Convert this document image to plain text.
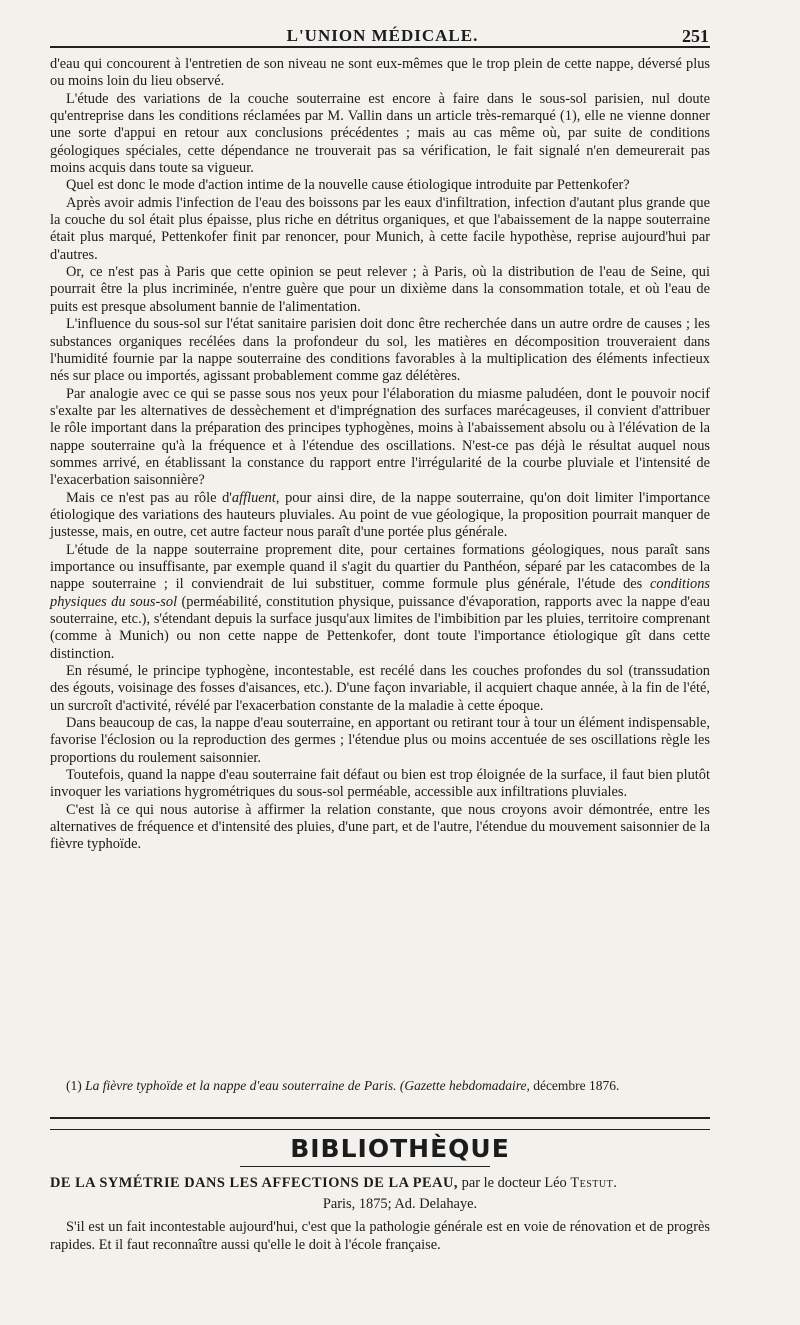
L'UNION MÉDICALE.	251

d'eau qui concourent à l'entretien de son niveau ne sont eux-mêmes que le trop plein de cette nappe, déversé plus ou moins loin du lieu observé.

L'étude des variations de la couche souterraine est encore à faire dans le sous-sol parisien, nul doute qu'entreprise dans les conditions réclamées par M. Vallin dans un article très-remarqué (1), elle ne vienne donner une sorte d'appui en retour aux conclusions précédentes ; mais au cas même où, par suite de conditions géologiques spéciales, cette dépendance ne trouverait pas sa vérification, le fait signalé n'en demeurerait pas moins acquis dans toute sa vigueur.

Quel est donc le mode d'action intime de la nouvelle cause étiologique introduite par Pettenkofer?

Après avoir admis l'infection de l'eau des boissons par les eaux d'infiltration, infection d'autant plus grande que la couche du sol était plus épaisse, plus riche en détritus organiques, et que l'abaissement de la nappe souterraine était plus marqué, Pettenkofer finit par renoncer, pour Munich, à cette facile hypothèse, reprise aujourd'hui par d'autres.

Or, ce n'est pas à Paris que cette opinion se peut relever ; à Paris, où la distribution de l'eau de Seine, qui pourrait être la plus incriminée, n'entre guère que pour un dixième dans la consommation totale, et où l'eau de puits est presque absolument bannie de l'alimentation.

L'influence du sous-sol sur l'état sanitaire parisien doit donc être recherchée dans un autre ordre de causes ; les substances organiques recélées dans la profondeur du sol, les matières en décomposition trouveraient dans l'humidité fournie par la nappe souterraine des conditions favorables à la multiplication des éléments infectieux nés sur place ou importés, agissant probablement comme gaz délétères.

Par analogie avec ce qui se passe sous nos yeux pour l'élaboration du miasme paludéen, dont le pouvoir nocif s'exalte par les alternatives de dessèchement et d'imprégnation des surfaces marécageuses, il convient d'attribuer le rôle important dans la préparation des principes typhogènes, moins à l'abaissement absolu ou à l'élévation de la nappe souterraine qu'à la fréquence et à l'étendue des oscillations. N'est-ce pas déjà le résultat auquel nous sommes arrivé, en établissant la constance du rapport entre l'irrégularité de la courbe pluviale et l'intensité de l'exacerbation saisonnière?

Mais ce n'est pas au rôle d'affluent, pour ainsi dire, de la nappe souterraine, qu'on doit limiter l'importance étiologique des variations des hauteurs pluviales. Au point de vue géologique, la proposition pourrait manquer de justesse, mais, en outre, cet autre facteur nous paraît d'une portée plus générale.

L'étude de la nappe souterraine proprement dite, pour certaines formations géologiques, nous paraît sans importance ou insuffisante, par exemple quand il s'agit du quartier du Panthéon, séparé par les catacombes de la nappe souterraine ; il conviendrait de lui substituer, comme formule plus générale, l'étude des conditions physiques du sous-sol (perméabilité, constitution physique, puissance d'évaporation, rapports avec la nappe d'eau souterraine, etc.), s'étendant depuis la surface jusqu'aux limites de l'imbibition par les pluies, territoire comprenant (comme à Munich) ou non cette nappe de Pettenkofer, dont toute l'importance étiologique gît dans cette distinction.

En résumé, le principe typhogène, incontestable, est recélé dans les couches profondes du sol (transsudation des égouts, voisinage des fosses d'aisances, etc.). D'une façon invariable, il acquiert chaque année, à la fin de l'été, un surcroît d'activité, révélé par l'exacerbation constante de la maladie à cette époque.

Dans beaucoup de cas, la nappe d'eau souterraine, en apportant ou retirant tour à tour un élément indispensable, favorise l'éclosion ou la reproduction des germes ; l'étendue plus ou moins accentuée de ses oscillations règle les proportions du roulement saisonnier.

Toutefois, quand la nappe d'eau souterraine fait défaut ou bien est trop éloignée de la surface, il faut bien plutôt invoquer les variations hygrométriques du sous-sol perméable, accessible aux infiltrations pluviales.

C'est là ce qui nous autorise à affirmer la relation constante, que nous croyons avoir démontrée, entre les alternatives de fréquence et d'intensité des pluies, d'une part, et de l'autre, l'étendue du mouvement saisonnier de la fièvre typhoïde.

(1) La fièvre typhoïde et la nappe d'eau souterraine de Paris. (Gazette hebdomadaire, décembre 1876.
BIBLIOTHÈQUE
DE LA SYMÉTRIE DANS LES AFFECTIONS DE LA PEAU, par le docteur Léo Testut.
Paris, 1875; Ad. Delahaye.
S'il est un fait incontestable aujourd'hui, c'est que la pathologie générale est en voie de rénovation et de progrès rapides. Et il faut reconnaître aussi qu'elle le doit à l'école française.
